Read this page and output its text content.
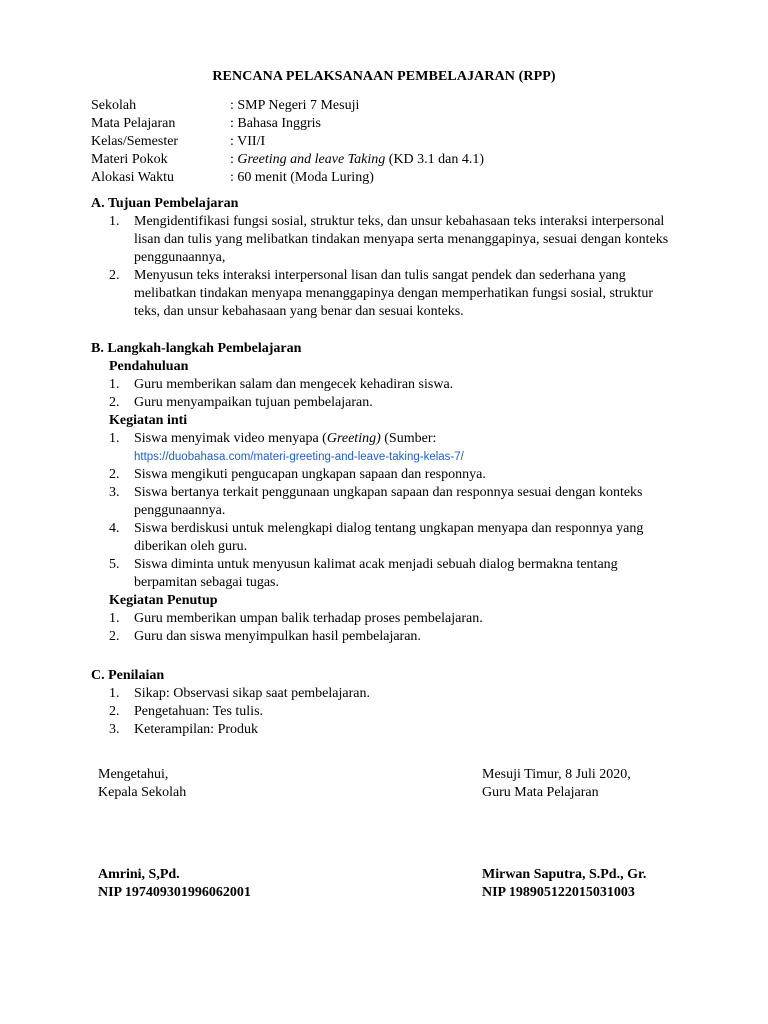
RENCANA PELAKSANAAN PEMBELAJARAN (RPP)
Sekolah	: SMP Negeri 7 Mesuji
Mata Pelajaran	: Bahasa Inggris
Kelas/Semester	: VII/I
Materi Pokok	: Greeting and leave Taking (KD 3.1 dan 4.1)
Alokasi Waktu	: 60 menit (Moda Luring)
A. Tujuan Pembelajaran
1. Mengidentifikasi fungsi sosial, struktur teks, dan unsur kebahasaan teks interaksi interpersonal lisan dan tulis yang melibatkan tindakan menyapa serta menanggapinya, sesuai dengan konteks penggunaannya,
2. Menyusun teks interaksi interpersonal lisan dan tulis sangat pendek dan sederhana yang melibatkan tindakan menyapa menanggapinya dengan memperhatikan fungsi sosial, struktur teks, dan unsur kebahasaan yang benar dan sesuai konteks.
B. Langkah-langkah Pembelajaran
Pendahuluan
1. Guru memberikan salam dan mengecek kehadiran siswa.
2. Guru menyampaikan tujuan pembelajaran.
Kegiatan inti
1. Siswa menyimak video menyapa (Greeting) (Sumber:
https://duobahasa.com/materi-greeting-and-leave-taking-kelas-7/
2. Siswa mengikuti pengucapan ungkapan sapaan dan responnya.
3. Siswa bertanya terkait penggunaan ungkapan sapaan dan responnya sesuai dengan konteks penggunaannya.
4. Siswa berdiskusi untuk melengkapi dialog tentang ungkapan menyapa dan responnya yang diberikan oleh guru.
5. Siswa diminta untuk menyusun kalimat acak menjadi sebuah dialog bermakna tentang berpamitan sebagai tugas.
Kegiatan Penutup
1. Guru memberikan umpan balik terhadap proses pembelajaran.
2. Guru dan siswa menyimpulkan hasil pembelajaran.
C. Penilaian
1. Sikap: Observasi sikap saat pembelajaran.
2. Pengetahuan: Tes tulis.
3. Keterampilan: Produk
Mengetahui,
Kepala Sekolah
Mesuji Timur, 8 Juli 2020,
Guru Mata Pelajaran
Amrini, S,Pd.
NIP 197409301996062001
Mirwan Saputra, S.Pd., Gr.
NIP 198905122015031003
